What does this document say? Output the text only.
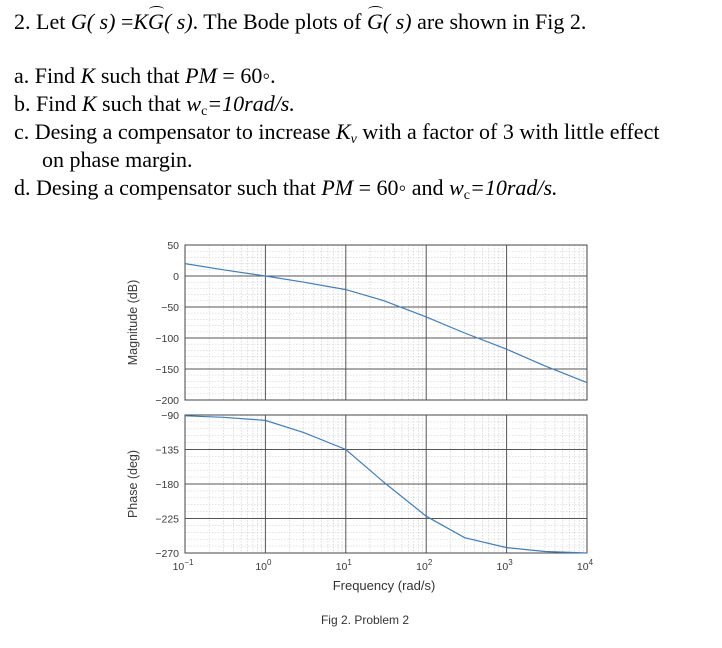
2. Let G( s) =KG( s). The Bode plots of G( s) are shown in Fig 2.
a. Find K such that PM = 60◦.
b. Find K such that $w_c=10rad/s$.
c. Desing a compensator to increase $K_v$ with a factor of 3 with little effect
on phase margin.
d. Desing a compensator such that PM = 60◦ and $w_c=10rad/s$.
50
0
−50
−100
−150
−200
Magnitude (dB)
−90
−135
−180
−225
−270
Phase (deg)
$10^{-1}$	$10^0$	$10^1$	$10^2$	$10^3$	$10^4$
Frequency (rad/s)
Fig 2. Problem 2
